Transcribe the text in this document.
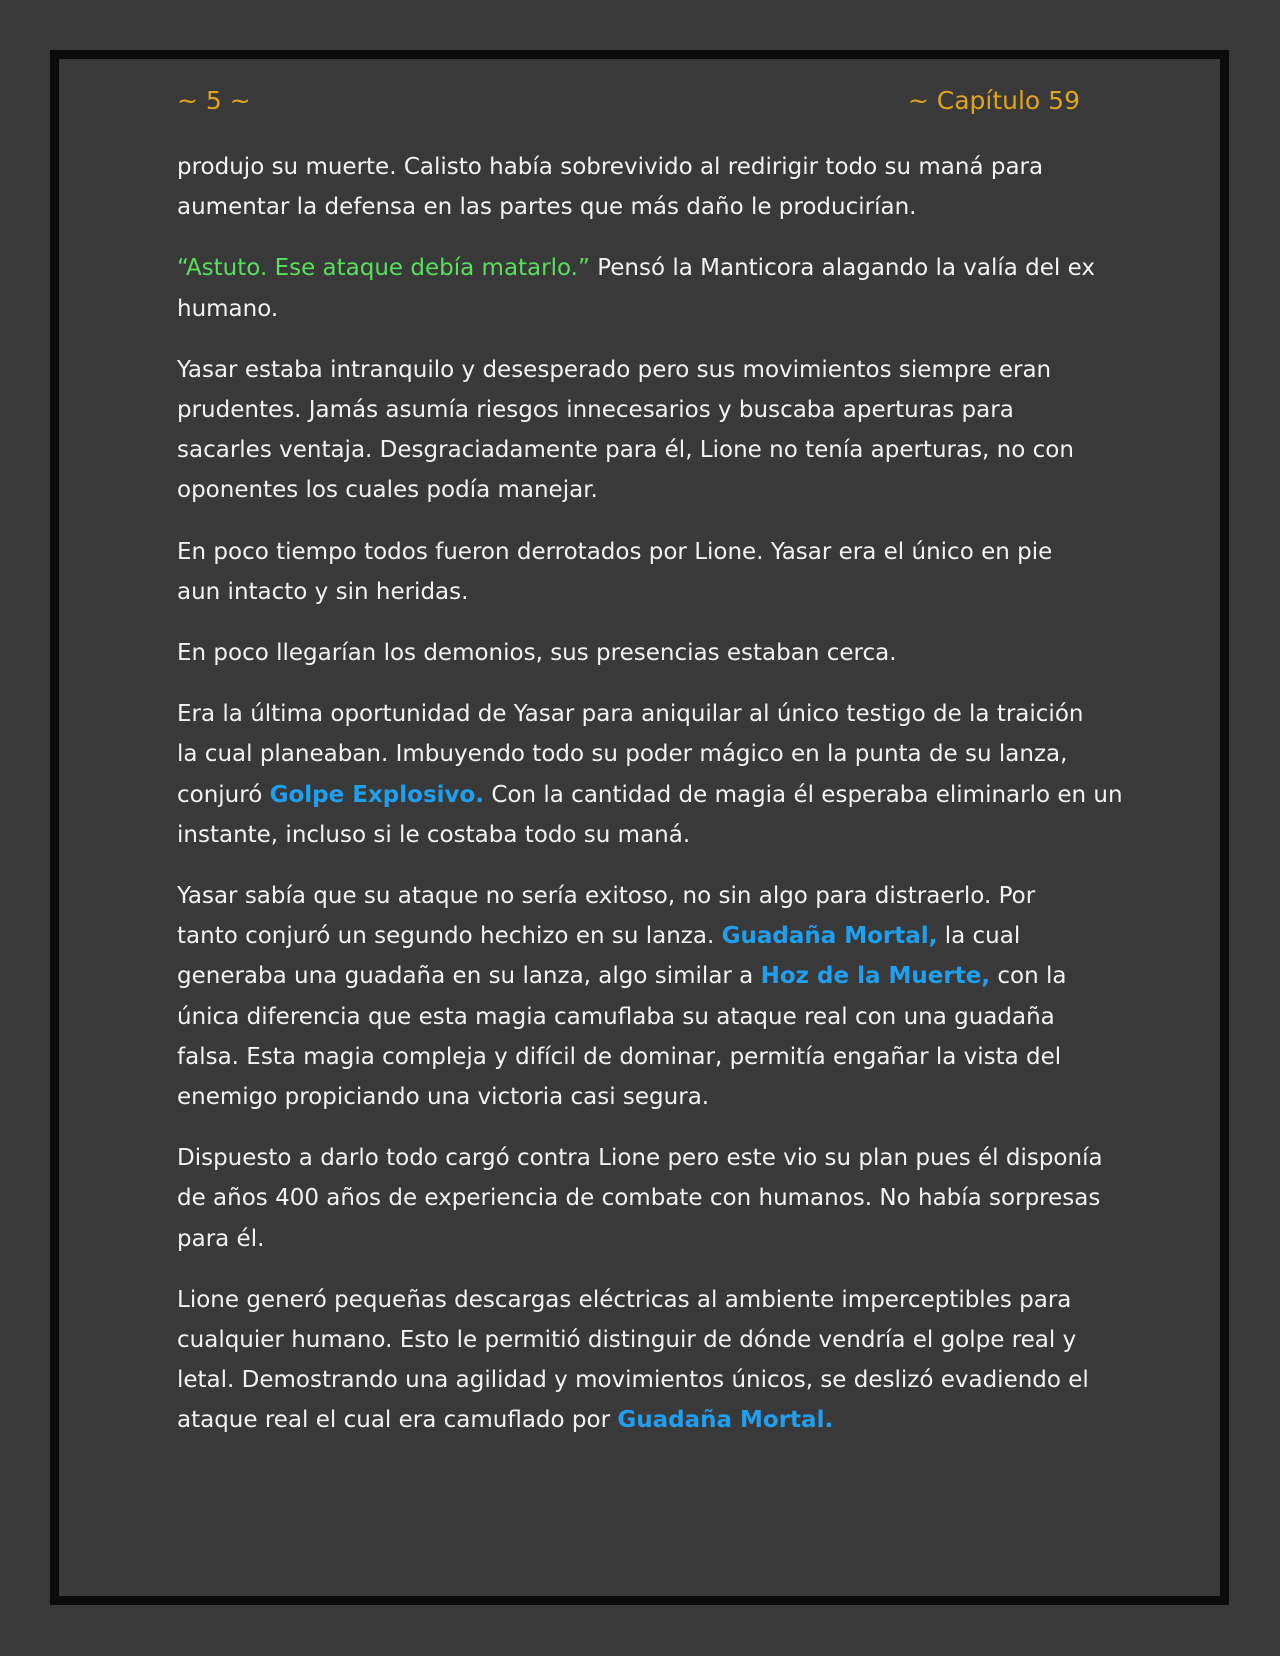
~ 5 ~	~ Capítulo 59

produjo su muerte. Calisto había sobrevivido al redirigir todo su maná para
aumentar la defensa en las partes que más daño le producirían.

“Astuto. Ese ataque debía matarlo.” Pensó la Manticora alagando la valía del ex
humano.

Yasar estaba intranquilo y desesperado pero sus movimientos siempre eran
prudentes. Jamás asumía riesgos innecesarios y buscaba aperturas para
sacarles ventaja. Desgraciadamente para él, Lione no tenía aperturas, no con
oponentes los cuales podía manejar.

En poco tiempo todos fueron derrotados por Lione. Yasar era el único en pie
aun intacto y sin heridas.

En poco llegarían los demonios, sus presencias estaban cerca.

Era la última oportunidad de Yasar para aniquilar al único testigo de la traición
la cual planeaban. Imbuyendo todo su poder mágico en la punta de su lanza,
conjuró Golpe Explosivo. Con la cantidad de magia él esperaba eliminarlo en un
instante, incluso si le costaba todo su maná.

Yasar sabía que su ataque no sería exitoso, no sin algo para distraerlo. Por
tanto conjuró un segundo hechizo en su lanza. Guadaña Mortal, la cual
generaba una guadaña en su lanza, algo similar a Hoz de la Muerte, con la
única diferencia que esta magia camuflaba su ataque real con una guadaña
falsa. Esta magia compleja y difícil de dominar, permitía engañar la vista del
enemigo propiciando una victoria casi segura.

Dispuesto a darlo todo cargó contra Lione pero este vio su plan pues él disponía
de años 400 años de experiencia de combate con humanos. No había sorpresas
para él.

Lione generó pequeñas descargas eléctricas al ambiente imperceptibles para
cualquier humano. Esto le permitió distinguir de dónde vendría el golpe real y
letal. Demostrando una agilidad y movimientos únicos, se deslizó evadiendo el
ataque real el cual era camuflado por Guadaña Mortal.
